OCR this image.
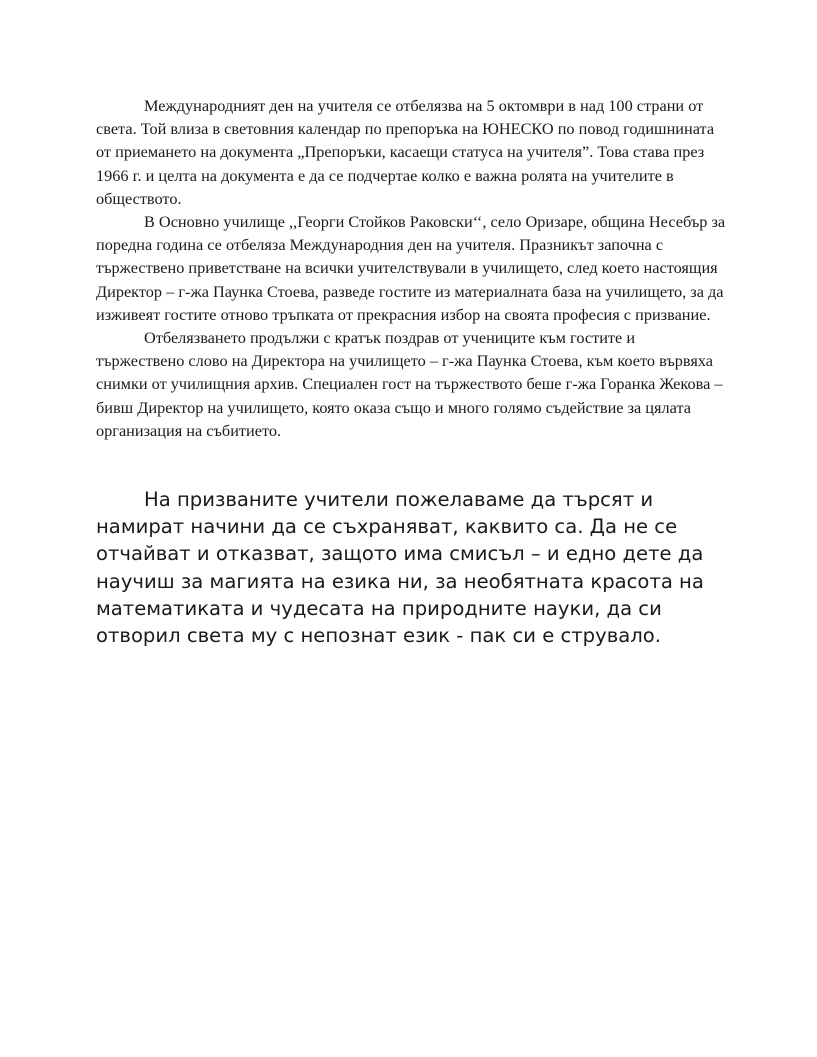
Международният ден на учителя се отбелязва на 5 октомври в над 100 страни от света. Той влиза в световния календар по препоръка на ЮНЕСКО по повод годишнината от приемането на документа „Препоръки, касаещи статуса на учителя”. Това става през 1966 г. и целта на документа е да се подчертае колко е важна ролята на учителите в обществото.

В Основно училище ,,Георги Стойков Раковски‘‘, село Оризаре, община Несебър за поредна година се отбеляза Международния ден на учителя. Празникът започна с тържествено приветстване на всички учителствували в училището, след което настоящия Директор – г-жа Паунка Стоева, разведе гостите из материалната база на училището, за да изживеят гостите отново тръпката от прекрасния избор на своята професия с призвание.

Отбелязването продължи с кратък поздрав от учениците към гостите и тържествено слово на Директора на училището – г-жа Паунка Стоева, към което вървяха снимки от училищния архив. Специален гост на тържеството беше г-жа Горанка Жекова – бивш Директор на училището, която оказа също и много голямо съдействие за цялата организация на събитието.

На призваните учители пожелаваме да търсят и намират начини да се съхраняват, каквито са. Да не се отчайват и отказват, защото има смисъл – и едно дете да научиш за магията на езика ни, за необятната красота на математиката и чудесата на природните науки, да си отворил света му с непознат език - пак си е струвало.
